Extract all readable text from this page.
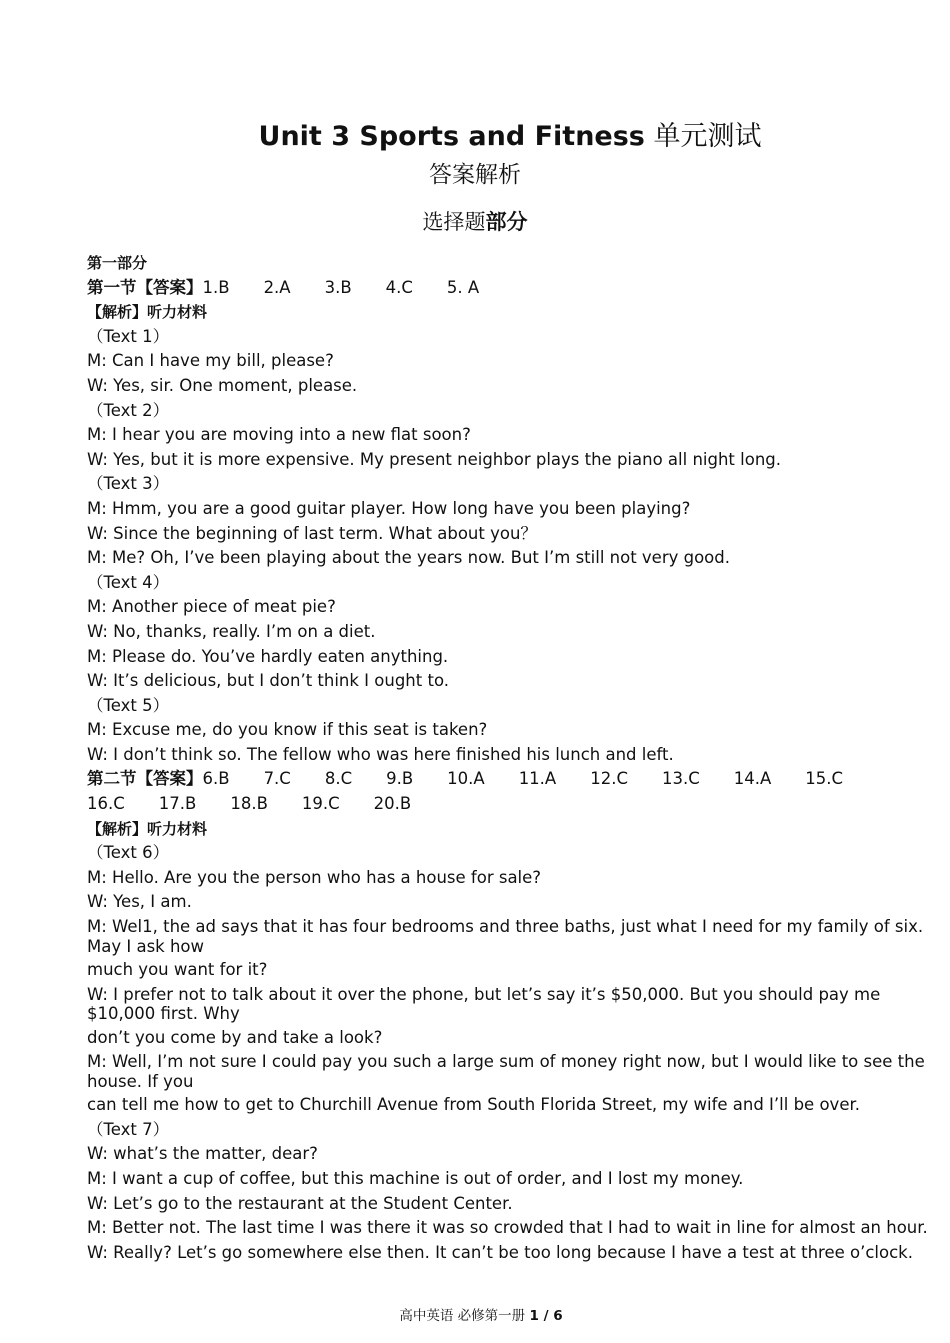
Unit 3 Sports and Fitness 单元测试
答案解析
选择题部分
第一部分
第一节【答案】1.B 2.A 3.B 4.C 5. A
【解析】听力材料
（Text 1）
M: Can I have my bill, please?
W: Yes, sir. One moment, please.
（Text 2）
M: I hear you are moving into a new flat soon?
W: Yes, but it is more expensive. My present neighbor plays the piano all night long.
（Text 3）
M: Hmm, you are a good guitar player. How long have you been playing?
W: Since the beginning of last term. What about you？
M: Me? Oh, I’ve been playing about the years now. But I’m still not very good.
（Text 4）
M: Another piece of meat pie?
W: No, thanks, really. I’m on a diet.
M: Please do. You’ve hardly eaten anything.
W: It’s delicious, but I don’t think I ought to.
（Text 5）
M: Excuse me, do you know if this seat is taken?
W: I don’t think so. The fellow who was here finished his lunch and left.
第二节【答案】6.B 7.C 8.C 9.B 10.A 11.A 12.C 13.C 14.A 15.C
16.C 17.B 18.B 19.C 20.B
【解析】听力材料
（Text 6）
M: Hello. Are you the person who has a house for sale?
W: Yes, I am.
M: Wel1, the ad says that it has four bedrooms and three baths, just what I need for my family of six. May I ask how
much you want for it?
W: I prefer not to talk about it over the phone, but let’s say it’s $50,000. But you should pay me $10,000 first. Why
don’t you come by and take a look?
M: Well, I’m not sure I could pay you such a large sum of money right now, but I would like to see the house. If you
can tell me how to get to Churchill Avenue from South Florida Street, my wife and I’ll be over.
（Text 7）
W: what’s the matter, dear?
M: I want a cup of coffee, but this machine is out of order, and I lost my money.
W: Let’s go to the restaurant at the Student Center.
M: Better not. The last time I was there it was so crowded that I had to wait in line for almost an hour.
W: Really? Let’s go somewhere else then. It can’t be too long because I have a test at three o’clock.
高中英语 必修第一册 1 / 6
